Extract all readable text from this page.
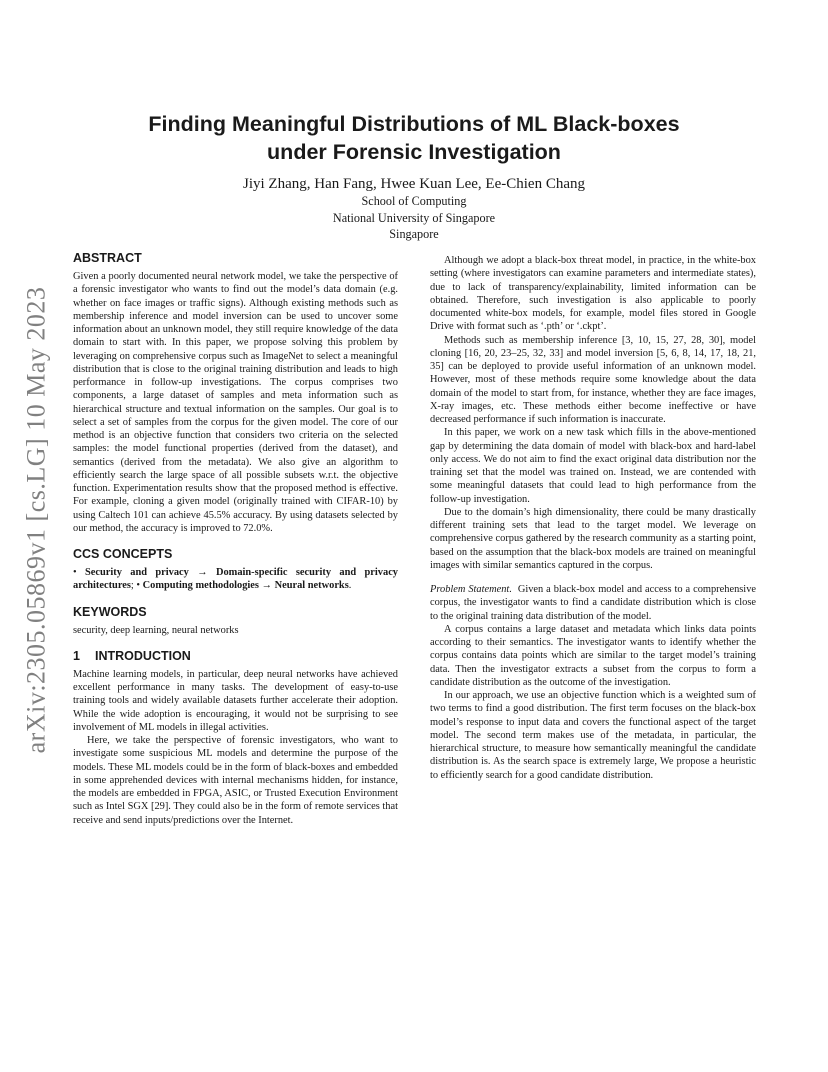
arXiv:2305.05869v1 [cs.LG] 10 May 2023
Finding Meaningful Distributions of ML Black-boxes
under Forensic Investigation

Jiyi Zhang, Han Fang, Hwee Kuan Lee, Ee-Chien Chang

School of Computing
National University of Singapore
Singapore
ABSTRACT

Given a poorly documented neural network model, we take the perspective of a forensic investigator who wants to find out the model’s data domain (e.g. whether on face images or traffic signs). Although existing methods such as membership inference and model inversion can be used to uncover some information about an unknown model, they still require knowledge of the data domain to start with. In this paper, we propose solving this problem by leveraging on comprehensive corpus such as ImageNet to select a meaningful distribution that is close to the original training distribution and leads to high performance in follow-up investigations. The corpus comprises two components, a large dataset of samples and meta information such as hierarchical structure and textual information on the samples. Our goal is to select a set of samples from the corpus for the given model. The core of our method is an objective function that considers two criteria on the selected samples: the model functional properties (derived from the dataset), and semantics (derived from the metadata). We also give an algorithm to efficiently search the large space of all possible subsets w.r.t. the objective function. Experimentation results show that the proposed method is effective. For example, cloning a given model (originally trained with CIFAR-10) by using Caltech 101 can achieve 45.5% accuracy. By using datasets selected by our method, the accuracy is improved to 72.0%.

CCS CONCEPTS

• Security and privacy → Domain-specific security and privacy architectures; • Computing methodologies → Neural networks.

KEYWORDS

security, deep learning, neural networks

1 INTRODUCTION

Machine learning models, in particular, deep neural networks have achieved excellent performance in many tasks. The development of easy-to-use training tools and widely available datasets further accelerate their adoption. While the wide adoption is encouraging, it would not be surprising to see involvement of ML models in illegal activities.

Here, we take the perspective of forensic investigators, who want to investigate some suspicious ML models and determine the purpose of the models. These ML models could be in the form of black-boxes and embedded in some apprehended devices with internal mechanisms hidden, for instance, the models are embedded in FPGA, ASIC, or Trusted Execution Environment such as Intel SGX [29]. They could also be in the form of remote services that receive and send inputs/predictions over the Internet.

Although we adopt a black-box threat model, in practice, in the white-box setting (where investigators can examine parameters and intermediate states), due to lack of transparency/explainability, limited information can be obtained. Therefore, such investigation is also applicable to poorly documented white-box models, for example, model files stored in Google Drive with format such as ‘.pth’ or ‘.ckpt’.

Methods such as membership inference [3, 10, 15, 27, 28, 30], model cloning [16, 20, 23–25, 32, 33] and model inversion [5, 6, 8, 14, 17, 18, 21, 35] can be deployed to provide useful information of an unknown model. However, most of these methods require some knowledge about the data domain of the model to start from, for instance, whether they are face images, X-ray images, etc. These methods either become ineffective or have decreased performance if such information is inaccurate.

In this paper, we work on a new task which fills in the above-mentioned gap by determining the data domain of model with black-box and hard-label only access. We do not aim to find the exact original data distribution nor the training set that the model was trained on. Instead, we are contended with some meaningful datasets that could lead to high performance from the follow-up investigation.

Due to the domain’s high dimensionality, there could be many drastically different training sets that lead to the target model. We leverage on comprehensive corpus gathered by the research community as a starting point, based on the assumption that the black-box models are trained on meaningful images with similar semantics captured in the corpus.

Problem Statement. Given a black-box model and access to a comprehensive corpus, the investigator wants to find a candidate distribution which is close to the original training data distribution of the model.

A corpus contains a large dataset and metadata which links data points according to their semantics. The investigator wants to identify whether the corpus contains data points which are similar to the target model’s training data. Then the investigator extracts a subset from the corpus to form a candidate distribution as the outcome of the investigation.

In our approach, we use an objective function which is a weighted sum of two terms to find a good distribution. The first term focuses on the black-box model’s response to input data and covers the functional aspect of the target model. The second term makes use of the metadata, in particular, the hierarchical structure, to measure how semantically meaningful the candidate distribution is. As the search space is extremely large, We propose a heuristic to efficiently search for a good candidate distribution.
